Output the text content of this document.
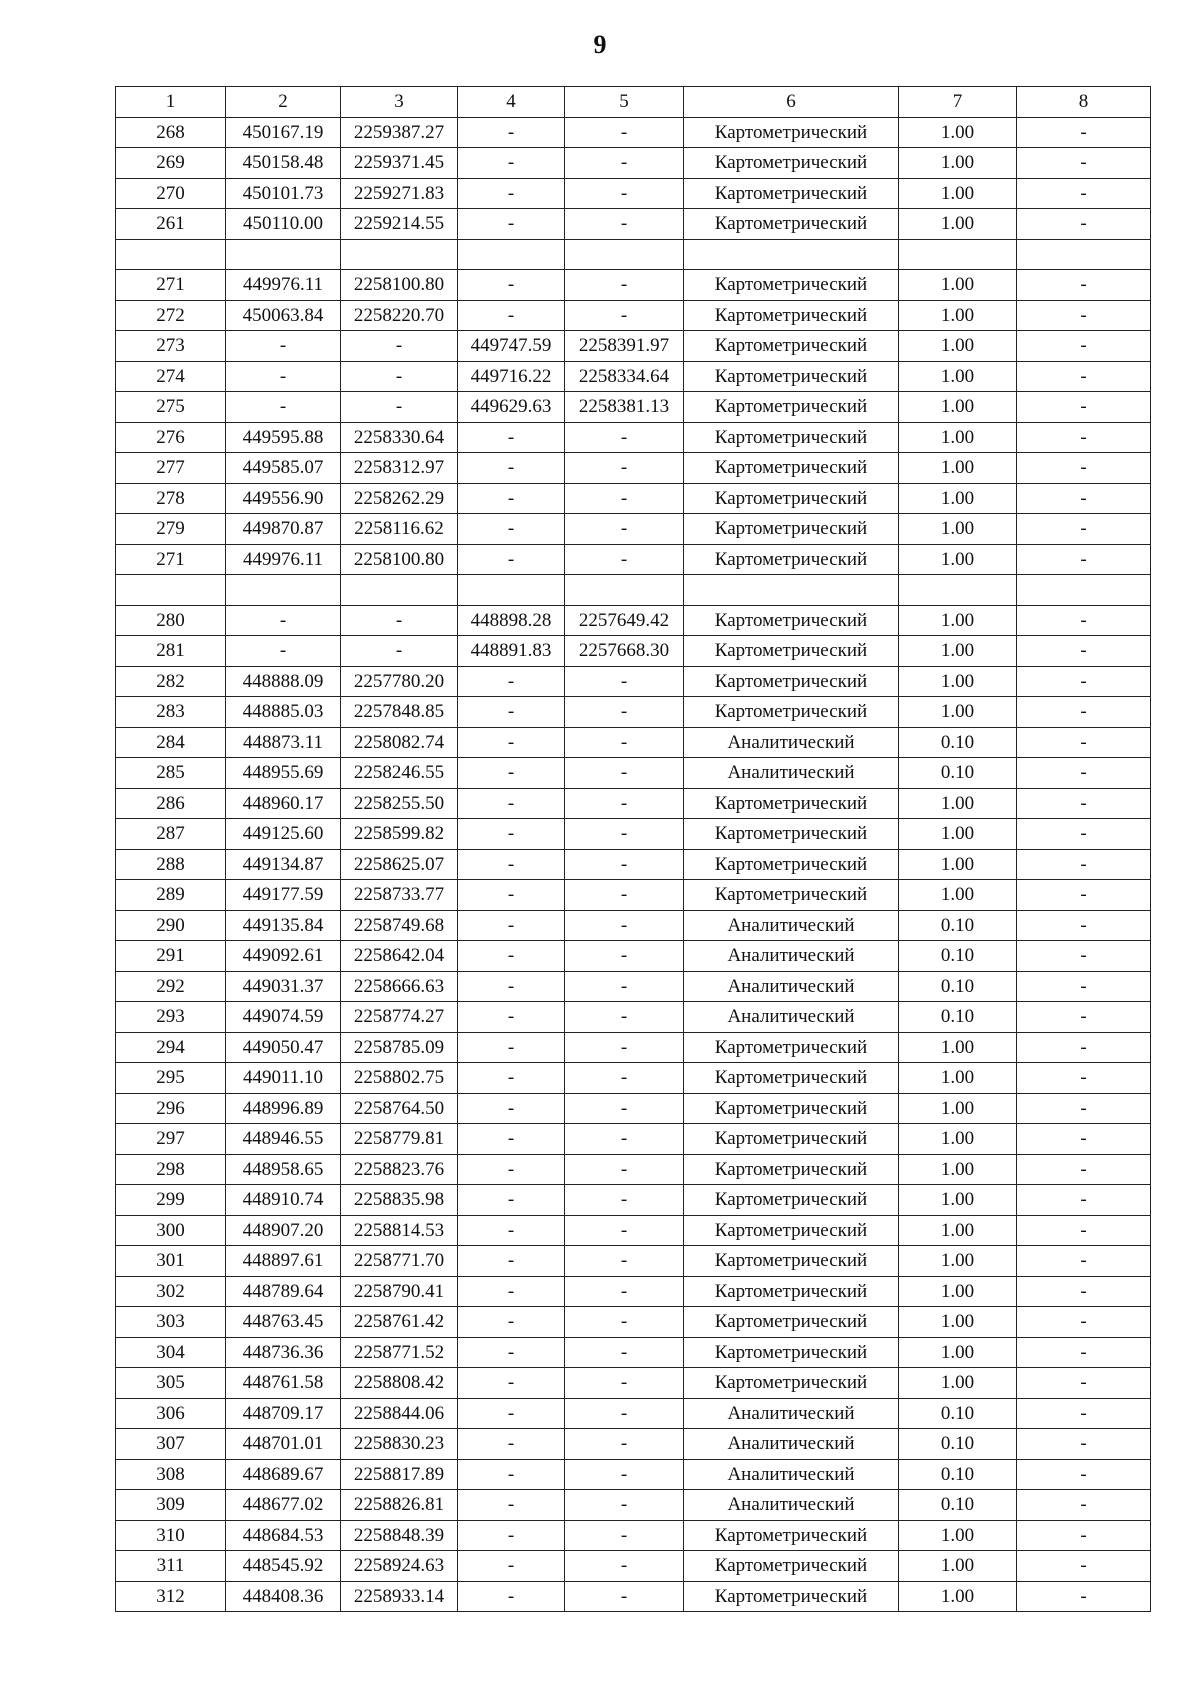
9
1	2	3	4	5	6	7	8
268	450167.19	2259387.27	-	-	Картометрический	1.00	-
269	450158.48	2259371.45	-	-	Картометрический	1.00	-
270	450101.73	2259271.83	-	-	Картометрический	1.00	-
261	450110.00	2259214.55	-	-	Картометрический	1.00	-

271	449976.11	2258100.80	-	-	Картометрический	1.00	-
272	450063.84	2258220.70	-	-	Картометрический	1.00	-
273	-	-	449747.59	2258391.97	Картометрический	1.00	-
274	-	-	449716.22	2258334.64	Картометрический	1.00	-
275	-	-	449629.63	2258381.13	Картометрический	1.00	-
276	449595.88	2258330.64	-	-	Картометрический	1.00	-
277	449585.07	2258312.97	-	-	Картометрический	1.00	-
278	449556.90	2258262.29	-	-	Картометрический	1.00	-
279	449870.87	2258116.62	-	-	Картометрический	1.00	-
271	449976.11	2258100.80	-	-	Картометрический	1.00	-

280	-	-	448898.28	2257649.42	Картометрический	1.00	-
281	-	-	448891.83	2257668.30	Картометрический	1.00	-
282	448888.09	2257780.20	-	-	Картометрический	1.00	-
283	448885.03	2257848.85	-	-	Картометрический	1.00	-
284	448873.11	2258082.74	-	-	Аналитический	0.10	-
285	448955.69	2258246.55	-	-	Аналитический	0.10	-
286	448960.17	2258255.50	-	-	Картометрический	1.00	-
287	449125.60	2258599.82	-	-	Картометрический	1.00	-
288	449134.87	2258625.07	-	-	Картометрический	1.00	-
289	449177.59	2258733.77	-	-	Картометрический	1.00	-
290	449135.84	2258749.68	-	-	Аналитический	0.10	-
291	449092.61	2258642.04	-	-	Аналитический	0.10	-
292	449031.37	2258666.63	-	-	Аналитический	0.10	-
293	449074.59	2258774.27	-	-	Аналитический	0.10	-
294	449050.47	2258785.09	-	-	Картометрический	1.00	-
295	449011.10	2258802.75	-	-	Картометрический	1.00	-
296	448996.89	2258764.50	-	-	Картометрический	1.00	-
297	448946.55	2258779.81	-	-	Картометрический	1.00	-
298	448958.65	2258823.76	-	-	Картометрический	1.00	-
299	448910.74	2258835.98	-	-	Картометрический	1.00	-
300	448907.20	2258814.53	-	-	Картометрический	1.00	-
301	448897.61	2258771.70	-	-	Картометрический	1.00	-
302	448789.64	2258790.41	-	-	Картометрический	1.00	-
303	448763.45	2258761.42	-	-	Картометрический	1.00	-
304	448736.36	2258771.52	-	-	Картометрический	1.00	-
305	448761.58	2258808.42	-	-	Картометрический	1.00	-
306	448709.17	2258844.06	-	-	Аналитический	0.10	-
307	448701.01	2258830.23	-	-	Аналитический	0.10	-
308	448689.67	2258817.89	-	-	Аналитический	0.10	-
309	448677.02	2258826.81	-	-	Аналитический	0.10	-
310	448684.53	2258848.39	-	-	Картометрический	1.00	-
311	448545.92	2258924.63	-	-	Картометрический	1.00	-
312	448408.36	2258933.14	-	-	Картометрический	1.00	-
